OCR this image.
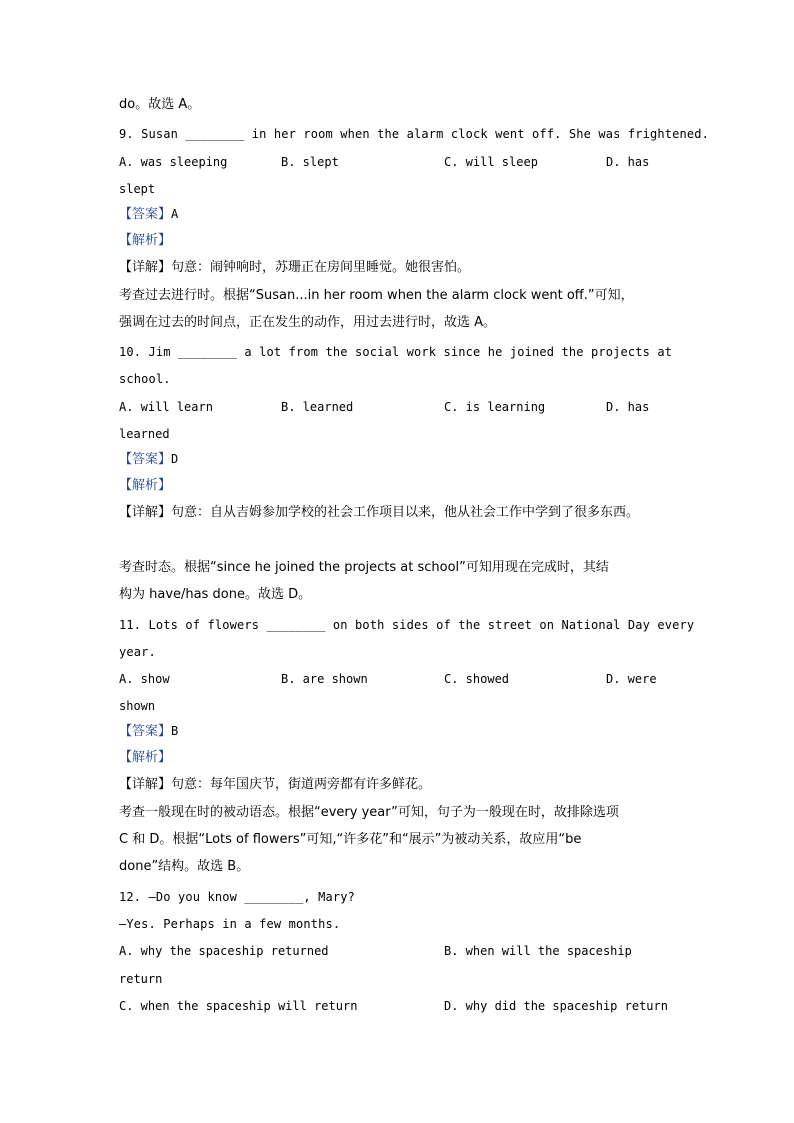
do。故选 A。
9. Susan ________ in her room when the alarm clock went off. She was frightened.
A. was sleeping	B. slept	C. will sleep	D. has
slept
【答案】A
【解析】
【详解】句意：闹钟响时，苏珊正在房间里睡觉。她很害怕。
考查过去进行时。根据“Susan...in her room when the alarm clock went off.”可知，
强调在过去的时间点，正在发生的动作，用过去进行时，故选 A。
10. Jim ________ a lot from the social work since he joined the projects at
school.
A. will learn	B. learned	C. is learning	D. has
learned
【答案】D
【解析】
【详解】句意：自从吉姆参加学校的社会工作项目以来，他从社会工作中学到了很多东西。
考查时态。根据“since he joined the projects at school”可知用现在完成时，其结
构为 have/has done。故选 D。
11. Lots of flowers ________ on both sides of the street on National Day every
year.
A. show	B. are shown	C. showed	D. were
shown
【答案】B
【解析】
【详解】句意：每年国庆节，街道两旁都有许多鲜花。
考查一般现在时的被动语态。根据“every year”可知，句子为一般现在时，故排除选项
C 和 D。根据“Lots of flowers”可知,“许多花”和“展示”为被动关系，故应用“be
done”结构。故选 B。
12. —Do you know ________, Mary?
—Yes. Perhaps in a few months.
A. why the spaceship returned	B. when will the spaceship
return
C. when the spaceship will return	D. why did the spaceship return
